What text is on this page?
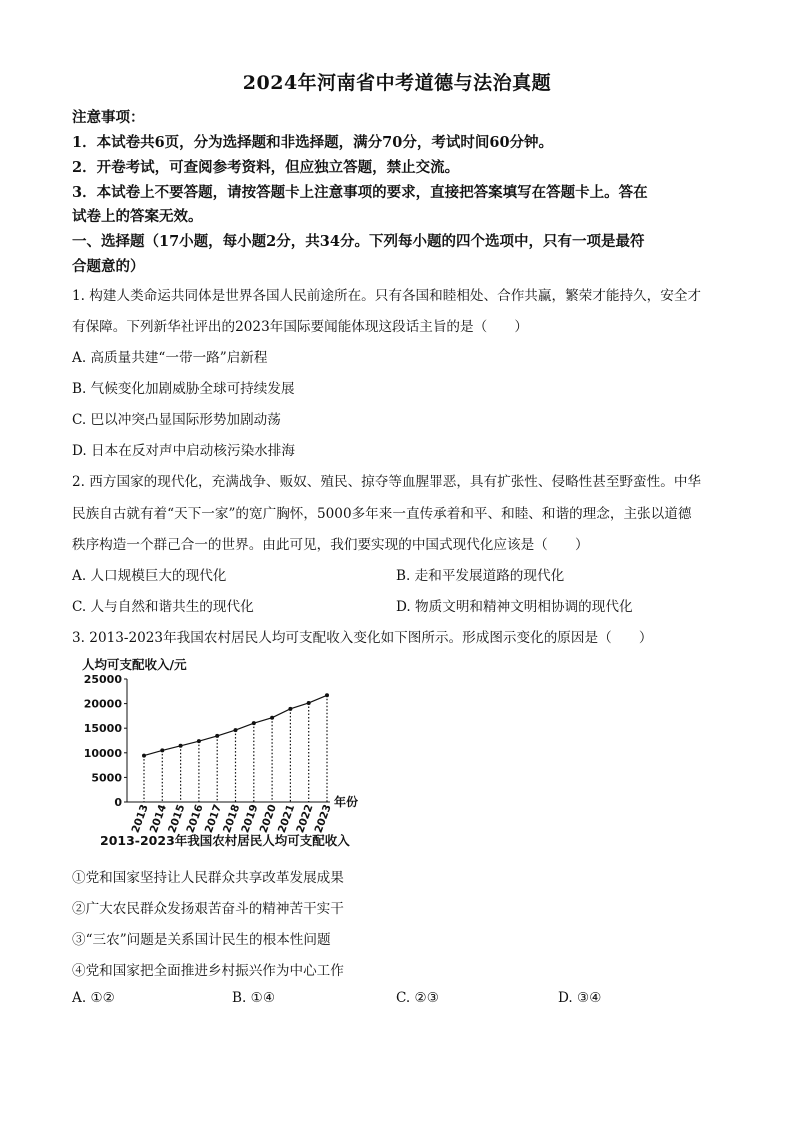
2024年河南省中考道德与法治真题
注意事项：
1．本试卷共6页，分为选择题和非选择题，满分70分，考试时间60分钟。
2．开卷考试，可查阅参考资料，但应独立答题，禁止交流。
3．本试卷上不要答题，请按答题卡上注意事项的要求，直接把答案填写在答题卡上。答在
试卷上的答案无效。
一、选择题（17小题，每小题2分，共34分。下列每小题的四个选项中，只有一项是最符
合题意的）
1. 构建人类命运共同体是世界各国人民前途所在。只有各国和睦相处、合作共赢，繁荣才能持久，安全才
有保障。下列新华社评出的2023年国际要闻能体现这段话主旨的是（　　）
A. 高质量共建“一带一路”启新程
B. 气候变化加剧威胁全球可持续发展
C. 巴以冲突凸显国际形势加剧动荡
D. 日本在反对声中启动核污染水排海
2. 西方国家的现代化，充满战争、贩奴、殖民、掠夺等血腥罪恶，具有扩张性、侵略性甚至野蛮性。中华
民族自古就有着“天下一家”的宽广胸怀，5000多年来一直传承着和平、和睦、和谐的理念，主张以道德
秩序构造一个群己合一的世界。由此可见，我们要实现的中国式现代化应该是（　　）
A. 人口规模巨大的现代化	B. 走和平发展道路的现代化
C. 人与自然和谐共生的现代化	D. 物质文明和精神文明相协调的现代化
3. 2013-2023年我国农村居民人均可支配收入变化如下图所示。形成图示变化的原因是（　　）
人均可支配收入/元
0
5000
10000
15000
20000
25000
2013
2014
2015
2016
2017
2018
2019
2020
2021
2022
2023
年份
2013-2023年我国农村居民人均可支配收入
①党和国家坚持让人民群众共享改革发展成果
②广大农民群众发扬艰苦奋斗的精神苦干实干
③“三农”问题是关系国计民生的根本性问题
④党和国家把全面推进乡村振兴作为中心工作
A. ①②	B. ①④	C. ②③	D. ③④
